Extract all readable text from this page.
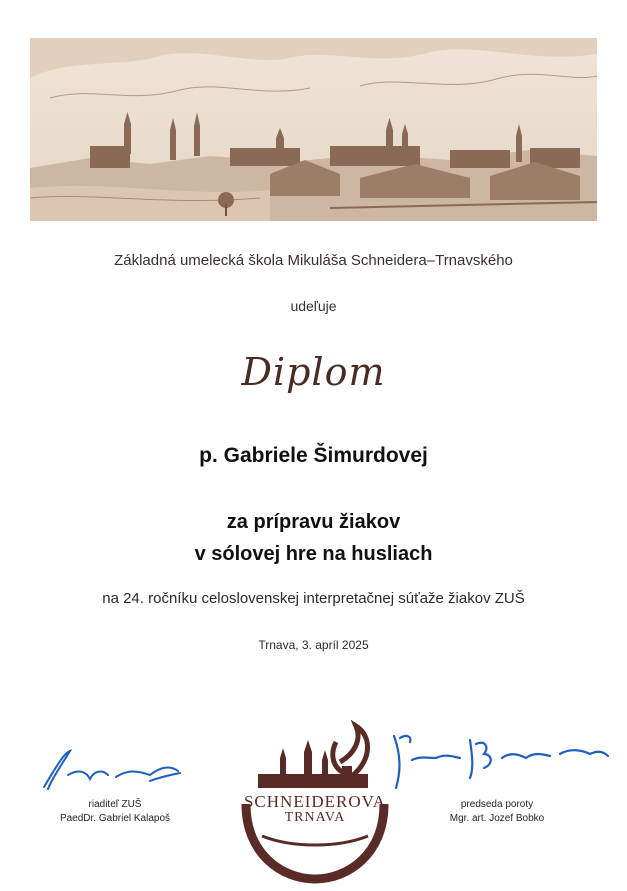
Základná umelecká škola Mikuláša Schneidera–Trnavského
udeľuje
Diplom
p. Gabriele Šimurdovej
za prípravu žiakov
v sólovej hre na husliach
na 24. ročníku celoslovenskej interpretačnej súťaže žiakov ZUŠ
Trnava, 3. apríl 2025
SCHNEIDEROVA
TRNAVA
riaditeľ ZUŠ
PaedDr. Gabriel Kalapoš
predseda poroty
Mgr. art. Jozef Bobko
